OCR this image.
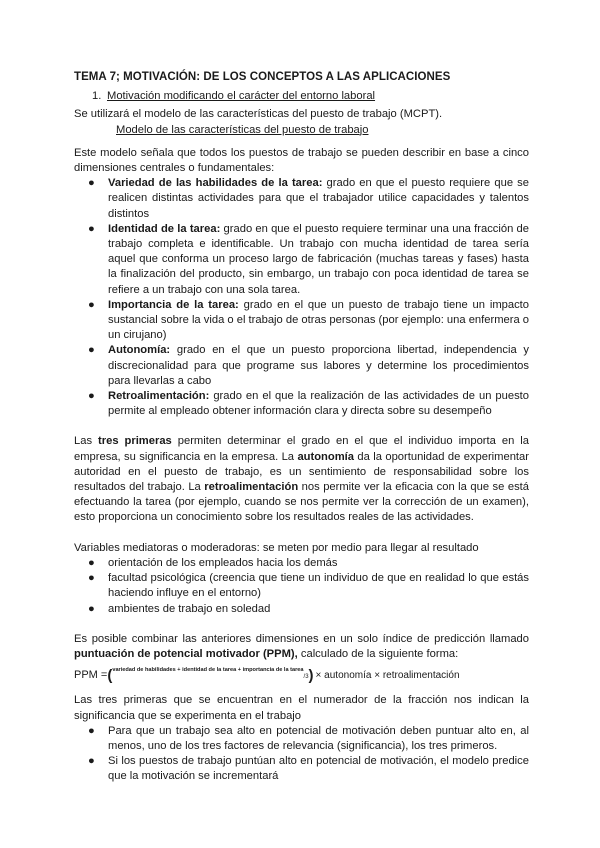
TEMA 7; MOTIVACIÓN: DE LOS CONCEPTOS A LAS APLICACIONES
1. Motivación modificando el carácter del entorno laboral

Se utilizará el modelo de las características del puesto de trabajo (MCPT).

Modelo de las características del puesto de trabajo

Este modelo señala que todos los puestos de trabajo se pueden describir en base a cinco dimensiones centrales o fundamentales:

● Variedad de las habilidades de la tarea: grado en que el puesto requiere que se realicen distintas actividades para que el trabajador utilice capacidades y talentos distintos
● Identidad de la tarea: grado en que el puesto requiere terminar una una fracción de trabajo completa e identificable. Un trabajo con mucha identidad de tarea sería aquel que conforma un proceso largo de fabricación (muchas tareas y fases) hasta la finalización del producto, sin embargo, un trabajo con poca identidad de tarea se refiere a un trabajo con una sola tarea.
● Importancia de la tarea: grado en el que un puesto de trabajo tiene un impacto sustancial sobre la vida o el trabajo de otras personas (por ejemplo: una enfermera o un cirujano)
● Autonomía: grado en el que un puesto proporciona libertad, independencia y discrecionalidad para que programe sus labores y determine los procedimientos para llevarlas a cabo
● Retroalimentación: grado en el que la realización de las actividades de un puesto permite al empleado obtener información clara y directa sobre su desempeño

Las tres primeras permiten determinar el grado en el que el individuo importa en la empresa, su significancia en la empresa. La autonomía da la oportunidad de experimentar autoridad en el puesto de trabajo, es un sentimiento de responsabilidad sobre los resultados del trabajo. La retroalimentación nos permite ver la eficacia con la que se está efectuando la tarea (por ejemplo, cuando se nos permite ver la corrección de un examen), esto proporciona un conocimiento sobre los resultados reales de las actividades.

Variables mediatoras o moderadoras: se meten por medio para llegar al resultado

● orientación de los empleados hacia los demás
● facultad psicológica (creencia que tiene un individuo de que en realidad lo que estás haciendo influye en el entorno)
● ambientes de trabajo en soledad

Es posible combinar las anteriores dimensiones en un solo índice de predicción llamado puntuación de potencial motivador (PPM), calculado de la siguiente forma:

PPM = ( variedad de habilidades + identidad de la tarea + importancia de la tarea
/3 ) × autonomía × retroalimentación

Las tres primeras que se encuentran en el numerador de la fracción nos indican la significancia que se experimenta en el trabajo

● Para que un trabajo sea alto en potencial de motivación deben puntuar alto en, al menos, uno de los tres factores de relevancia (significancia), los tres primeros.
● Si los puestos de trabajo puntúan alto en potencial de motivación, el modelo predice que la motivación se incrementará
